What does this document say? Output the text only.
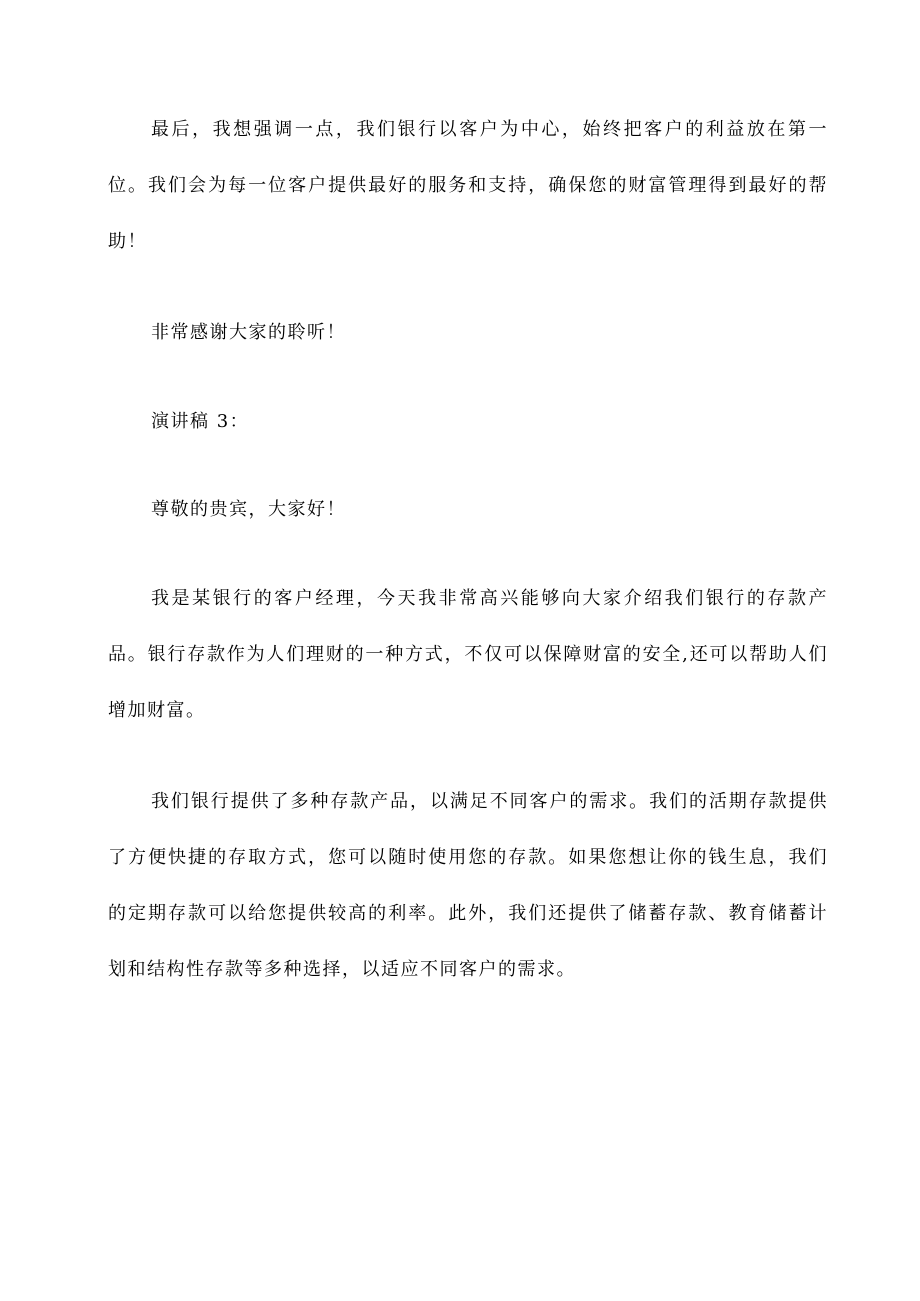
最后，我想强调一点，我们银行以客户为中心，始终把客户的利益放在第一位。我们会为每一位客户提供最好的服务和支持，确保您的财富管理得到最好的帮助！

非常感谢大家的聆听！

演讲稿 3：

尊敬的贵宾，大家好！

我是某银行的客户经理，今天我非常高兴能够向大家介绍我们银行的存款产品。银行存款作为人们理财的一种方式，不仅可以保障财富的安全,还可以帮助人们增加财富。

我们银行提供了多种存款产品，以满足不同客户的需求。我们的活期存款提供了方便快捷的存取方式，您可以随时使用您的存款。如果您想让你的钱生息，我们的定期存款可以给您提供较高的利率。此外，我们还提供了储蓄存款、教育储蓄计划和结构性存款等多种选择，以适应不同客户的需求。
